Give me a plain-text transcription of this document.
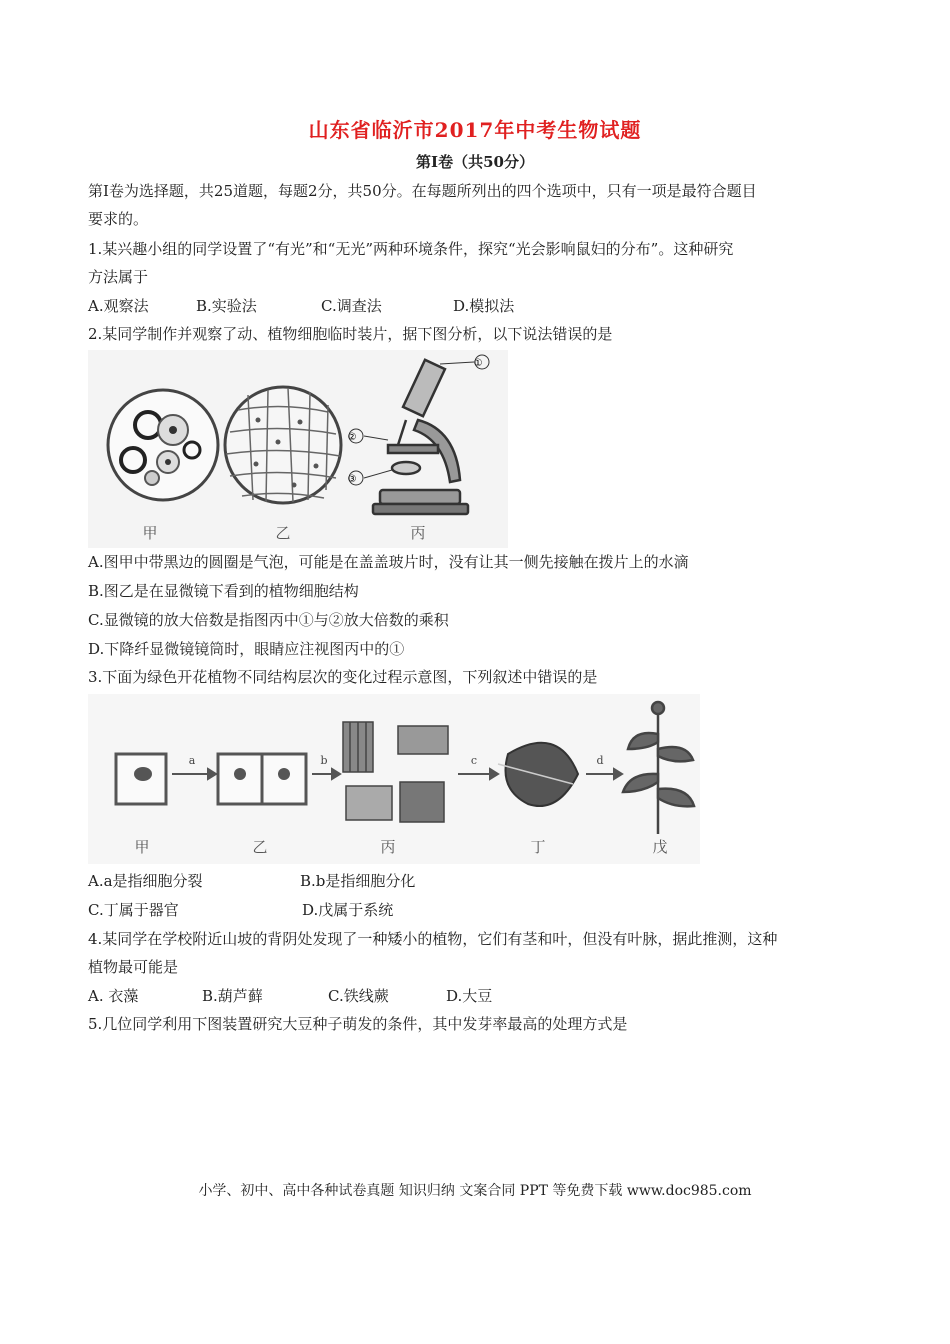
山东省临沂市2017年中考生物试题
第Ⅰ卷（共50分）
第Ⅰ卷为选择题，共25道题，每题2分，共50分。在每题所列出的四个选项中，只有一项是最符合题目
要求的。
1.某兴趣小组的同学设置了“有光”和“无光”两种环境条件，探究“光会影响鼠妇的分布”。这种研究
方法属于
A.观察法	B.实验法	C.调查法	D.模拟法
2.某同学制作并观察了动、植物细胞临时装片，据下图分析，以下说法错误的是
①
②
③
甲	乙	丙
A.图甲中带黑边的圆圈是气泡，可能是在盖盖玻片时，没有让其一侧先接触在拨片上的水滴
B.图乙是在显微镜下看到的植物细胞结构
C.显微镜的放大倍数是指图丙中①与②放大倍数的乘积
D.下降纤显微镜镜筒时，眼睛应注视图丙中的①
3.下面为绿色开花植物不同结构层次的变化过程示意图，下列叙述中错误的是
a	b	c	d
甲	乙	丙	丁	戊
A.a是指细胞分裂	B.b是指细胞分化
C.丁属于器官	D.戊属于系统
4.某同学在学校附近山坡的背阴处发现了一种矮小的植物，它们有茎和叶，但没有叶脉，据此推测，这种
植物最可能是
A. 衣藻	B.葫芦藓	C.铁线蕨	D.大豆
5.几位同学利用下图装置研究大豆种子萌发的条件，其中发芽率最高的处理方式是
小学、初中、高中各种试卷真题 知识归纳 文案合同 PPT 等免费下载 www.doc985.com
